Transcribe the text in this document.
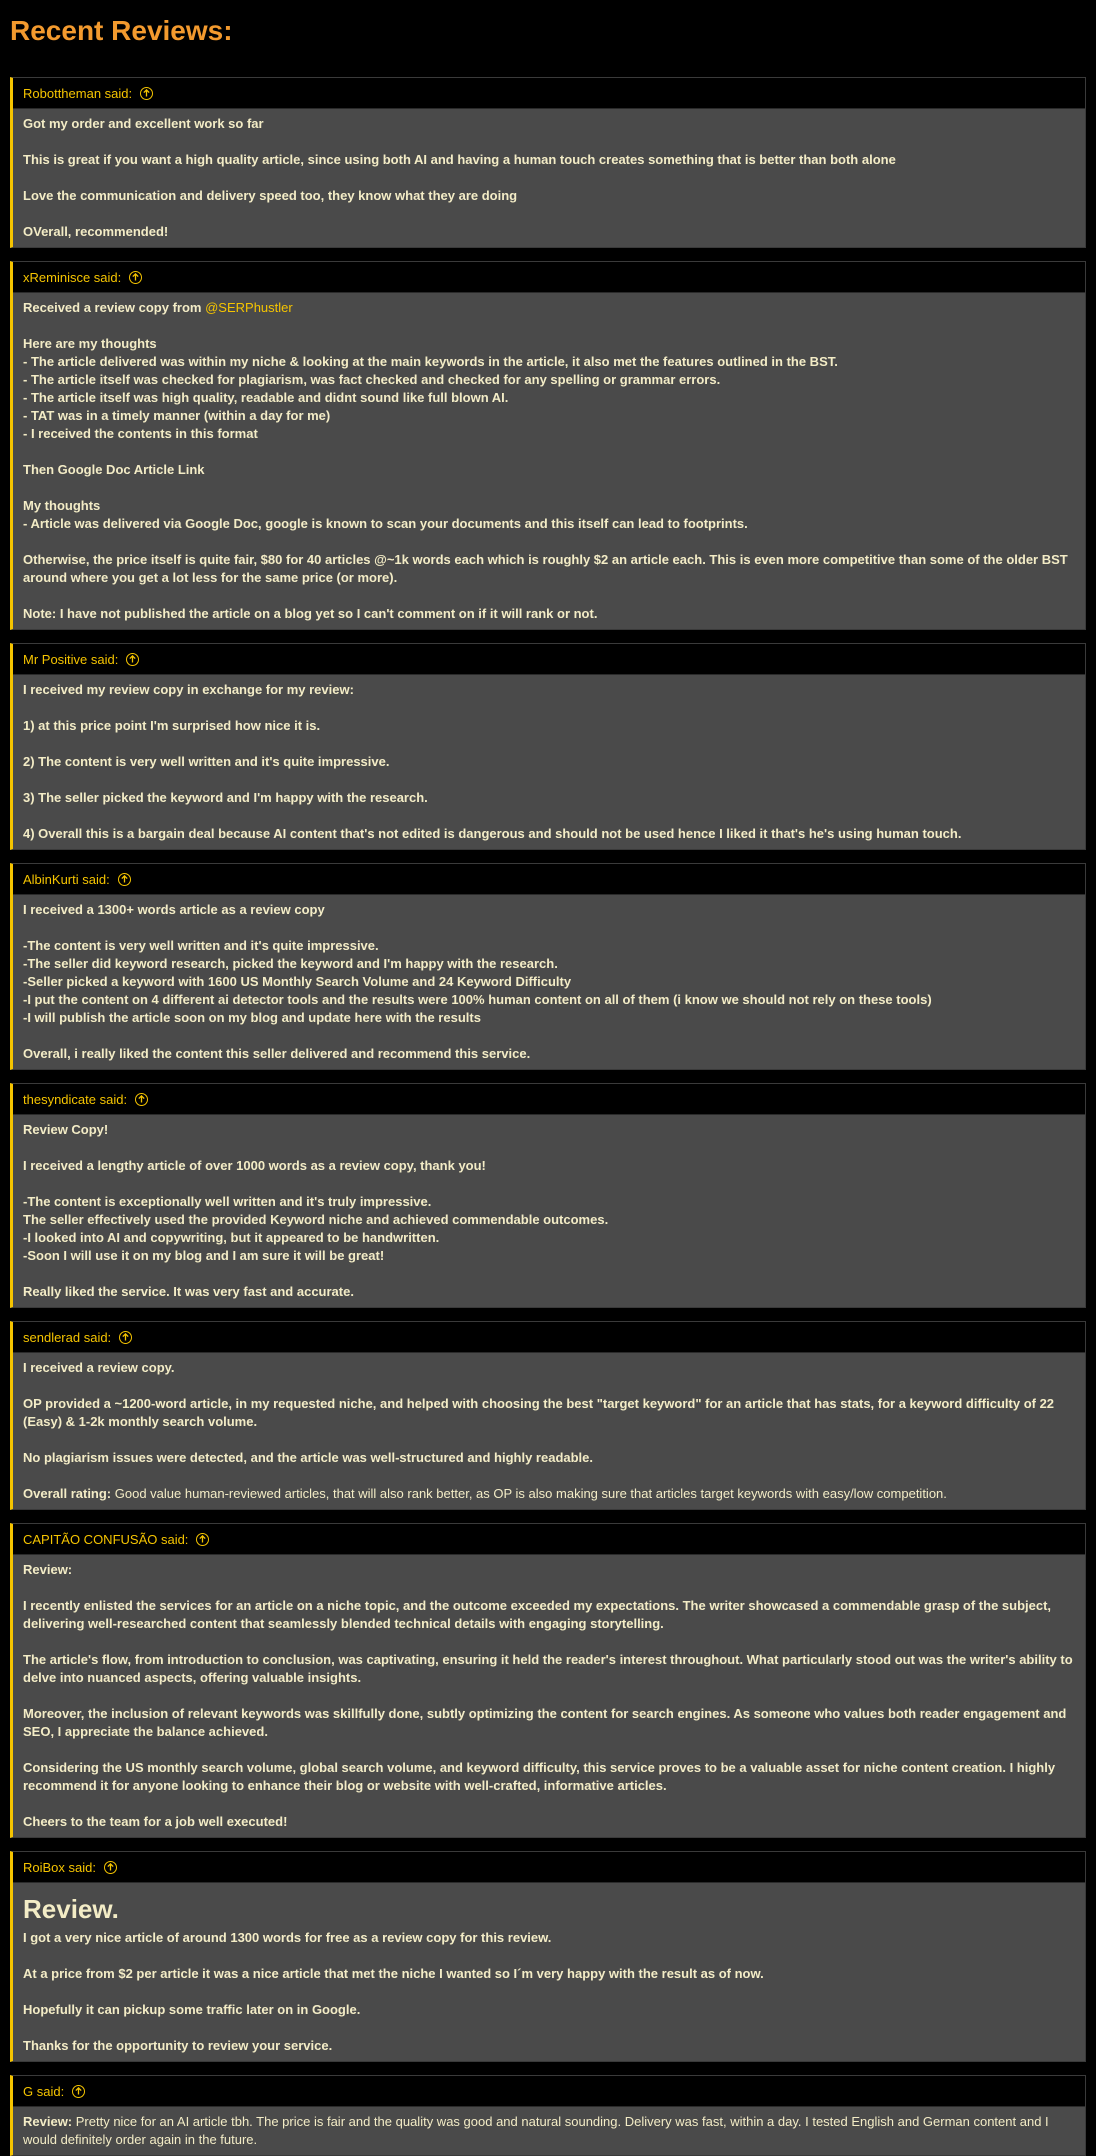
Recent Reviews:
Robottheman said:

Got my order and excellent work so far

This is great if you want a high quality article, since using both AI and having a human touch creates something that is better than both alone

Love the communication and delivery speed too, they know what they are doing

OVerall, recommended!

xReminisce said:

Received a review copy from @SERPhustler

Here are my thoughts

- The article delivered was within my niche & looking at the main keywords in the article, it also met the features outlined in the BST.

- The article itself was checked for plagiarism, was fact checked and checked for any spelling or grammar errors.

- The article itself was high quality, readable and didnt sound like full blown AI.

- TAT was in a timely manner (within a day for me)

- I received the contents in this format

Then Google Doc Article Link

My thoughts

- Article was delivered via Google Doc, google is known to scan your documents and this itself can lead to footprints.

Otherwise, the price itself is quite fair, $80 for 40 articles @~1k words each which is roughly $2 an article each. This is even more competitive than some of the older BST around where you get a lot less for the same price (or more).

Note: I have not published the article on a blog yet so I can't comment on if it will rank or not.

Mr Positive said:

I received my review copy in exchange for my review:

1) at this price point I'm surprised how nice it is.

2) The content is very well written and it's quite impressive.

3) The seller picked the keyword and I'm happy with the research.

4) Overall this is a bargain deal because AI content that's not edited is dangerous and should not be used hence I liked it that's he's using human touch.

AlbinKurti said:

I received a 1300+ words article as a review copy

-The content is very well written and it's quite impressive.

-The seller did keyword research, picked the keyword and I'm happy with the research.

-Seller picked a keyword with 1600 US Monthly Search Volume and 24 Keyword Difficulty

-I put the content on 4 different ai detector tools and the results were 100% human content on all of them (i know we should not rely on these tools)

-I will publish the article soon on my blog and update here with the results

Overall, i really liked the content this seller delivered and recommend this service.

thesyndicate said:

Review Copy!

I received a lengthy article of over 1000 words as a review copy, thank you!

-The content is exceptionally well written and it's truly impressive.

The seller effectively used the provided Keyword niche and achieved commendable outcomes.

-I looked into AI and copywriting, but it appeared to be handwritten.

-Soon I will use it on my blog and I am sure it will be great!

Really liked the service. It was very fast and accurate.

sendlerad said:

I received a review copy.

OP provided a ~1200-word article, in my requested niche, and helped with choosing the best "target keyword" for an article that has stats, for a keyword difficulty of 22 (Easy) & 1-2k monthly search volume.

No plagiarism issues were detected, and the article was well-structured and highly readable.

Overall rating: Good value human-reviewed articles, that will also rank better, as OP is also making sure that articles target keywords with easy/low competition.

CAPITÃO CONFUSÃO said:

Review:

I recently enlisted the services for an article on a niche topic, and the outcome exceeded my expectations. The writer showcased a commendable grasp of the subject, delivering well-researched content that seamlessly blended technical details with engaging storytelling.

The article's flow, from introduction to conclusion, was captivating, ensuring it held the reader's interest throughout. What particularly stood out was the writer's ability to delve into nuanced aspects, offering valuable insights.

Moreover, the inclusion of relevant keywords was skillfully done, subtly optimizing the content for search engines. As someone who values both reader engagement and SEO, I appreciate the balance achieved.

Considering the US monthly search volume, global search volume, and keyword difficulty, this service proves to be a valuable asset for niche content creation. I highly recommend it for anyone looking to enhance their blog or website with well-crafted, informative articles.

Cheers to the team for a job well executed!

RoiBox said:
Review.

I got a very nice article of around 1300 words for free as a review copy for this review.

At a price from $2 per article it was a nice article that met the niche I wanted so I´m very happy with the result as of now.

Hopefully it can pickup some traffic later on in Google.

Thanks for the opportunity to review your service.

G said:

Review: Pretty nice for an AI article tbh. The price is fair and the quality was good and natural sounding. Delivery was fast, within a day. I tested English and German content and I would definitely order again in the future.
